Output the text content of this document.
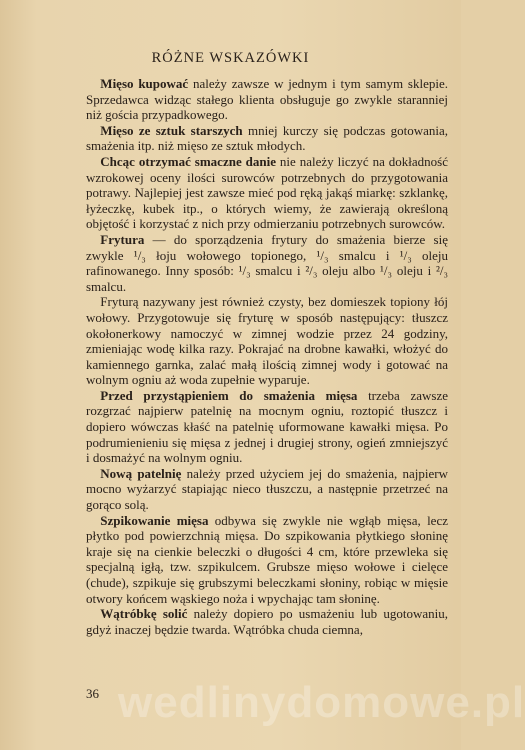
RÓŻNE WSKAZÓWKI

Mięso kupować należy zawsze w jednym i tym samym sklepie. Sprzedawca widząc stałego klienta obsługuje go zwykle staranniej niż gościa przypadkowego.

Mięso ze sztuk starszych mniej kurczy się podczas gotowania, smażenia itp. niż mięso ze sztuk młodych.

Chcąc otrzymać smaczne danie nie należy liczyć na dokładność wzrokowej oceny ilości surowców potrzebnych do przygotowania potrawy. Najlepiej jest zawsze mieć pod ręką jakąś miarkę: szklankę, łyżeczkę, kubek itp., o których wiemy, że zawierają określoną objętość i korzystać z nich przy odmierzaniu potrzebnych surowców.

Frytura — do sporządzenia frytury do smażenia bierze się zwykle ¹/₃ łoju wołowego topionego, ¹/₃ smalcu i ¹/₃ oleju rafinowanego. Inny sposób: ¹/₃ smalcu i ²/₃ oleju albo ¹/₃ oleju i ²/₃ smalcu.

Fryturą nazywany jest również czysty, bez domieszek topiony łój wołowy. Przygotowuje się fryturę w sposób następujący: tłuszcz okołonerkowy namoczyć w zimnej wodzie przez 24 godziny, zmieniając wodę kilka razy. Pokrajać na drobne kawałki, włożyć do kamiennego garnka, zalać małą ilością zimnej wody i gotować na wolnym ogniu aż woda zupełnie wyparuje.

Przed przystąpieniem do smażenia mięsa trzeba zawsze rozgrzać najpierw patelnię na mocnym ogniu, roztopić tłuszcz i dopiero wówczas kłaść na patelnię uformowane kawałki mięsa. Po podrumienieniu się mięsa z jednej i drugiej strony, ogień zmniejszyć i dosmażyć na wolnym ogniu.

Nową patelnię należy przed użyciem jej do smażenia, najpierw mocno wyżarzyć stapiając nieco tłuszczu, a następnie przetrzeć na gorąco solą.

Szpikowanie mięsa odbywa się zwykle nie wgłąb mięsa, lecz płytko pod powierzchnią mięsa. Do szpikowania płytkiego słoninę kraje się na cienkie beleczki o długości 4 cm, które przewleka się specjalną igłą, tzw. szpikulcem. Grubsze mięso wołowe i cielęce (chude), szpikuje się grubszymi beleczkami słoniny, robiąc w mięsie otwory końcem wąskiego noża i wpychając tam słoninę.

Wątróbkę solić należy dopiero po usmażeniu lub ugotowaniu, gdyż inaczej będzie twarda. Wątróbka chuda ciemna,

36 wedlinydomowe.pl
